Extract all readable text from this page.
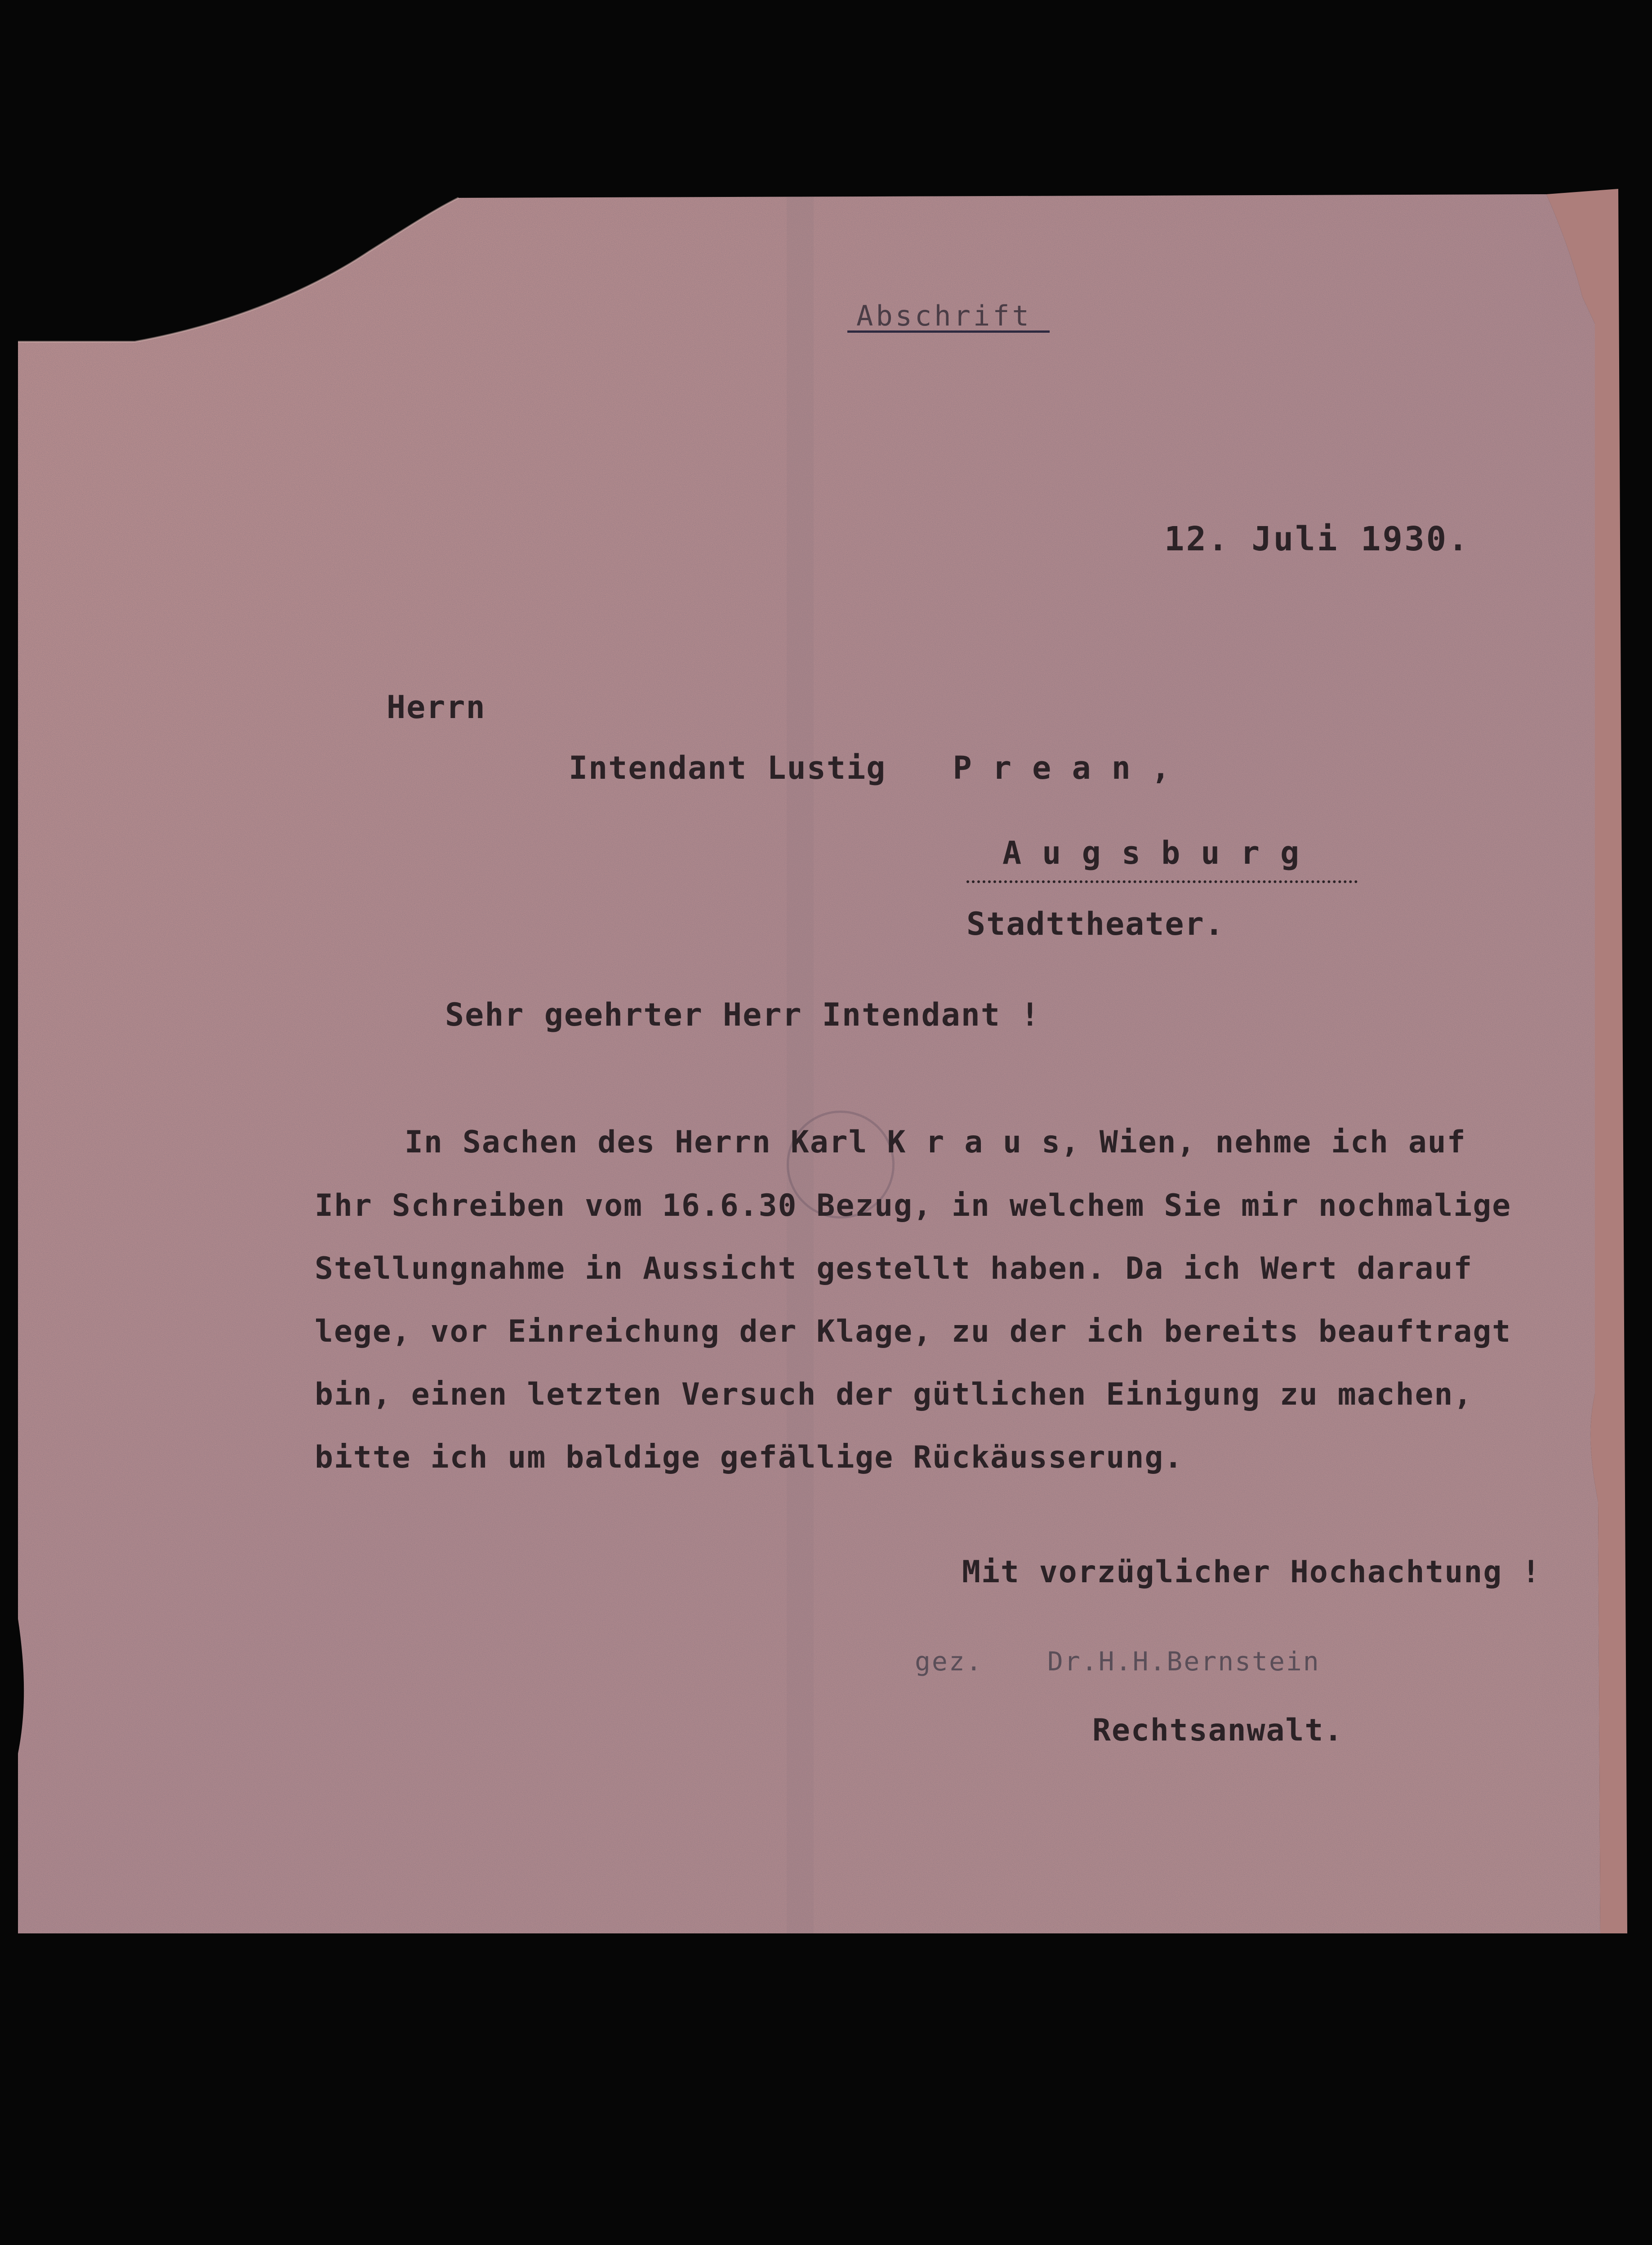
Abschrift
12. Juli 1930.
Herrn
Intendant Lustig P r e a n ,
A u g s b u r g
Stadttheater.
Sehr geehrter Herr Intendant !
In Sachen des Herrn Karl K r a u s, Wien, nehme ich auf
Ihr Schreiben vom 16.6.30 Bezug, in welchem Sie mir nochmalige
Stellungnahme in Aussicht gestellt haben. Da ich Wert darauf
lege, vor Einreichung der Klage, zu der ich bereits beauftragt
bin, einen letzten Versuch der gütlichen Einigung zu machen,
bitte ich um baldige gefällige Rückäusserung.
Mit vorzüglicher Hochachtung !
gez. Dr.H.H.Bernstein
Rechtsanwalt.
